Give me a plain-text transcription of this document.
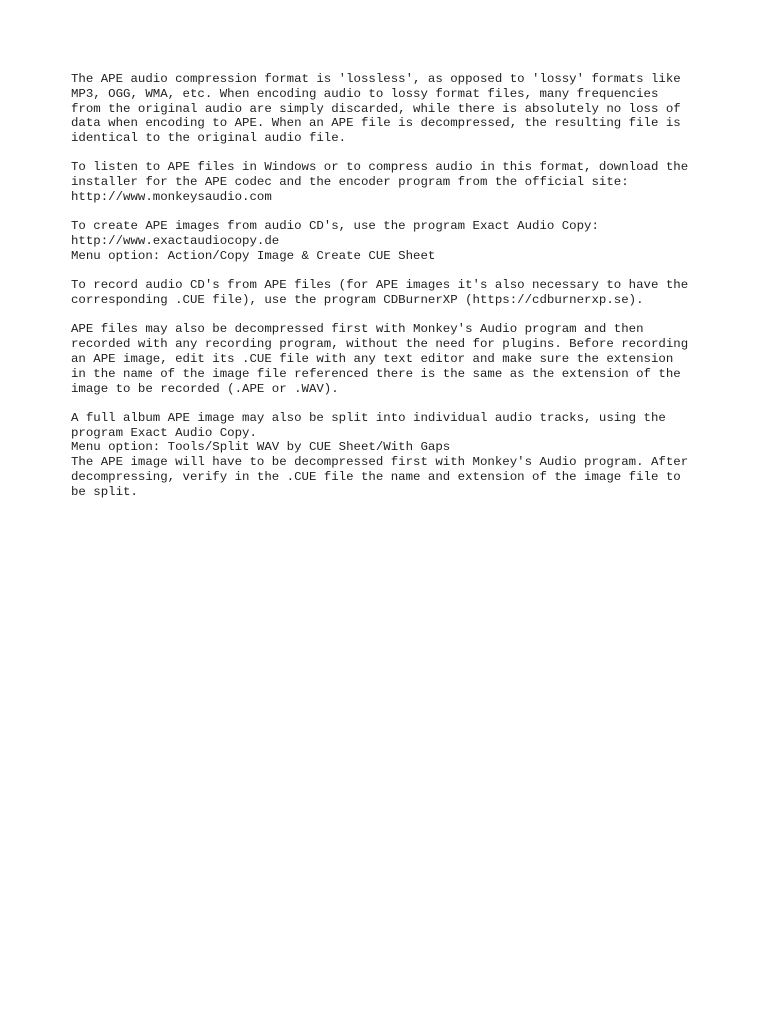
The APE audio compression format is 'lossless', as opposed to 'lossy' formats like
MP3, OGG, WMA, etc. When encoding audio to lossy format files, many frequencies
from the original audio are simply discarded, while there is absolutely no loss of
data when encoding to APE. When an APE file is decompressed, the resulting file is
identical to the original audio file.

To listen to APE files in Windows or to compress audio in this format, download the
installer for the APE codec and the encoder program from the official site:
http://www.monkeysaudio.com

To create APE images from audio CD's, use the program Exact Audio Copy:
http://www.exactaudiocopy.de
Menu option: Action/Copy Image & Create CUE Sheet

To record audio CD's from APE files (for APE images it's also necessary to have the
corresponding .CUE file), use the program CDBurnerXP (https://cdburnerxp.se).

APE files may also be decompressed first with Monkey's Audio program and then
recorded with any recording program, without the need for plugins. Before recording
an APE image, edit its .CUE file with any text editor and make sure the extension
in the name of the image file referenced there is the same as the extension of the
image to be recorded (.APE or .WAV).

A full album APE image may also be split into individual audio tracks, using the
program Exact Audio Copy.
Menu option: Tools/Split WAV by CUE Sheet/With Gaps
The APE image will have to be decompressed first with Monkey's Audio program. After
decompressing, verify in the .CUE file the name and extension of the image file to
be split.
